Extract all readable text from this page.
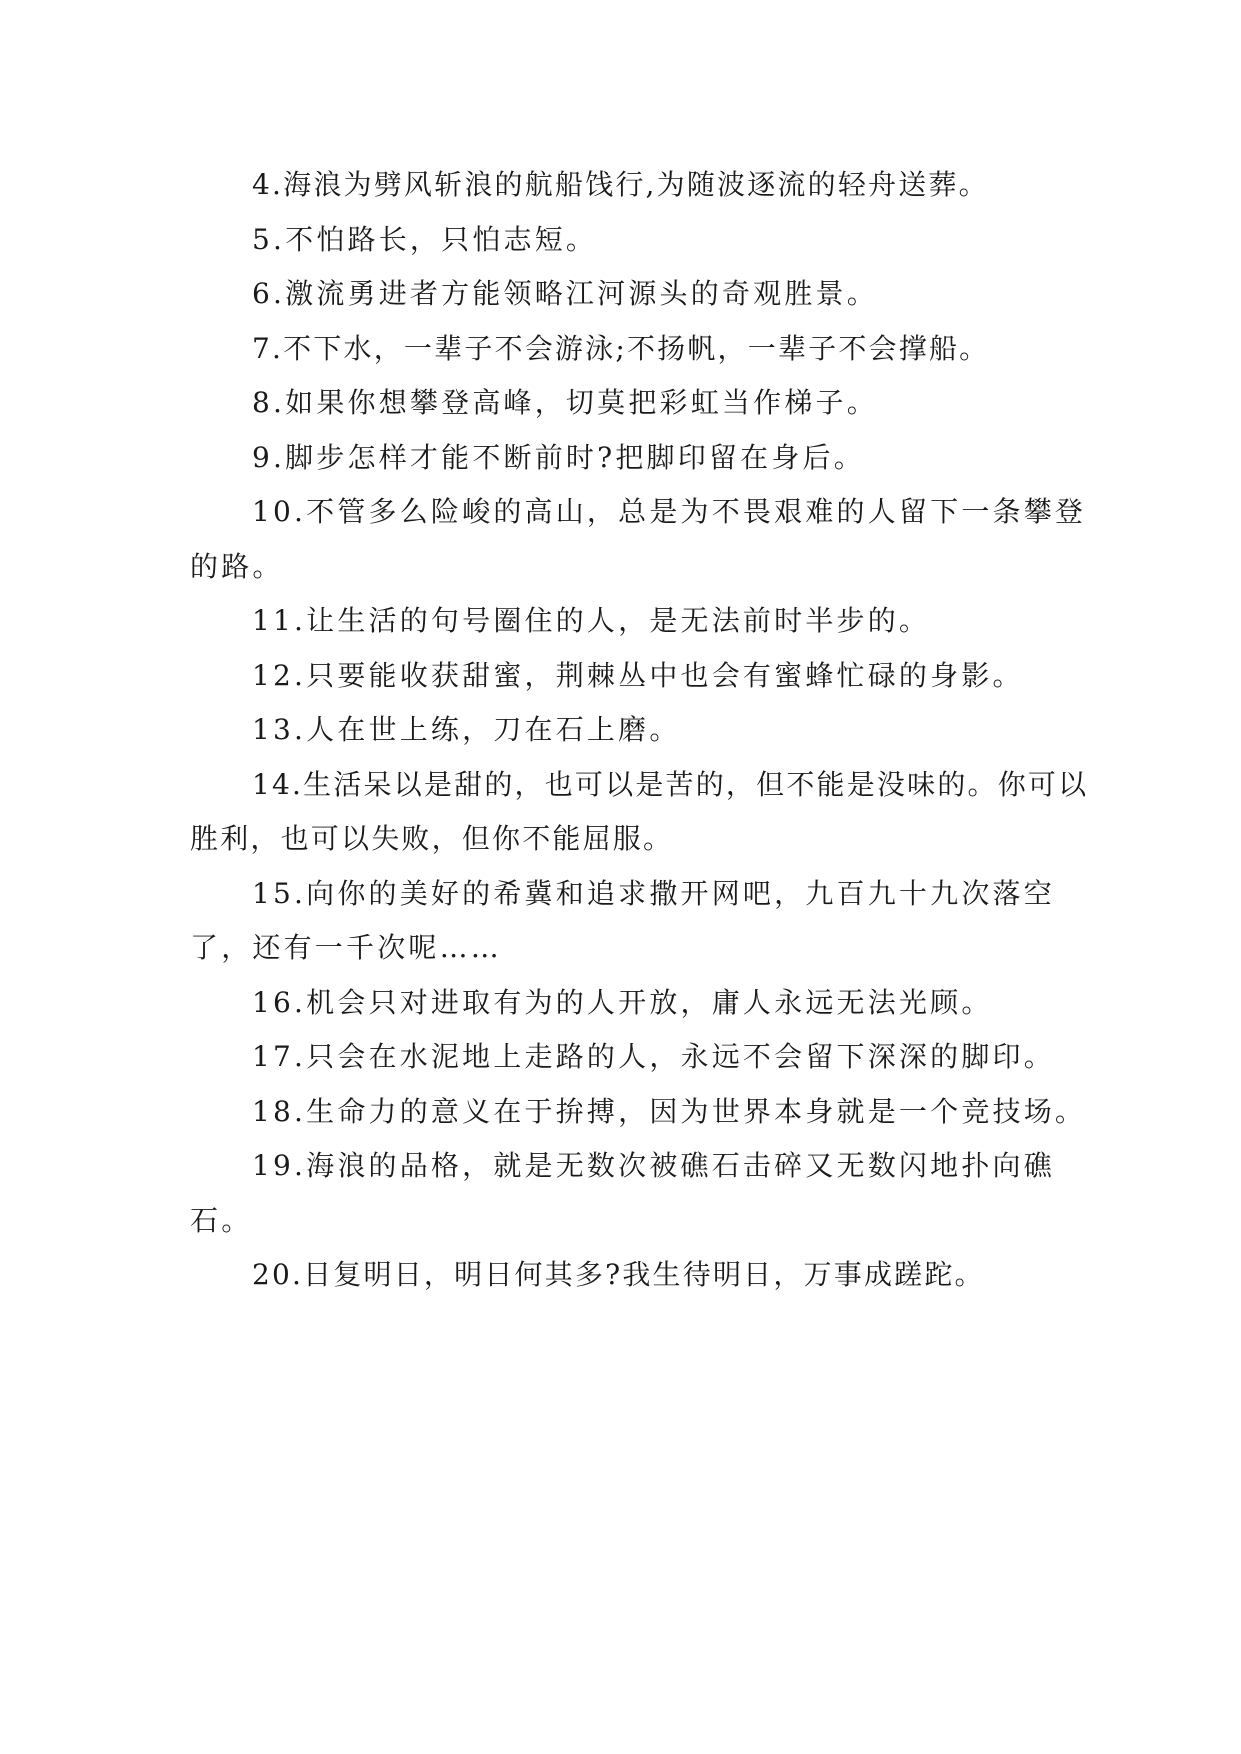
4.海浪为劈风斩浪的航船饯行,为随波逐流的轻舟送葬。

5.不怕路长，只怕志短。

6.激流勇进者方能领略江河源头的奇观胜景。

7.不下水，一辈子不会游泳;不扬帆，一辈子不会撑船。

8.如果你想攀登高峰，切莫把彩虹当作梯子。

9.脚步怎样才能不断前时?把脚印留在身后。

10.不管多么险峻的高山，总是为不畏艰难的人留下一条攀登的路。

11.让生活的句号圈住的人，是无法前时半步的。

12.只要能收获甜蜜，荆棘丛中也会有蜜蜂忙碌的身影。

13.人在世上练，刀在石上磨。

14.生活呆以是甜的，也可以是苦的，但不能是没味的。你可以胜利，也可以失败，但你不能屈服。

15.向你的美好的希冀和追求撒开网吧，九百九十九次落空了，还有一千次呢……

16.机会只对进取有为的人开放，庸人永远无法光顾。

17.只会在水泥地上走路的人，永远不会留下深深的脚印。

18.生命力的意义在于拚搏，因为世界本身就是一个竞技场。

19.海浪的品格，就是无数次被礁石击碎又无数闪地扑向礁石。

20.日复明日，明日何其多?我生待明日，万事成蹉跎。
